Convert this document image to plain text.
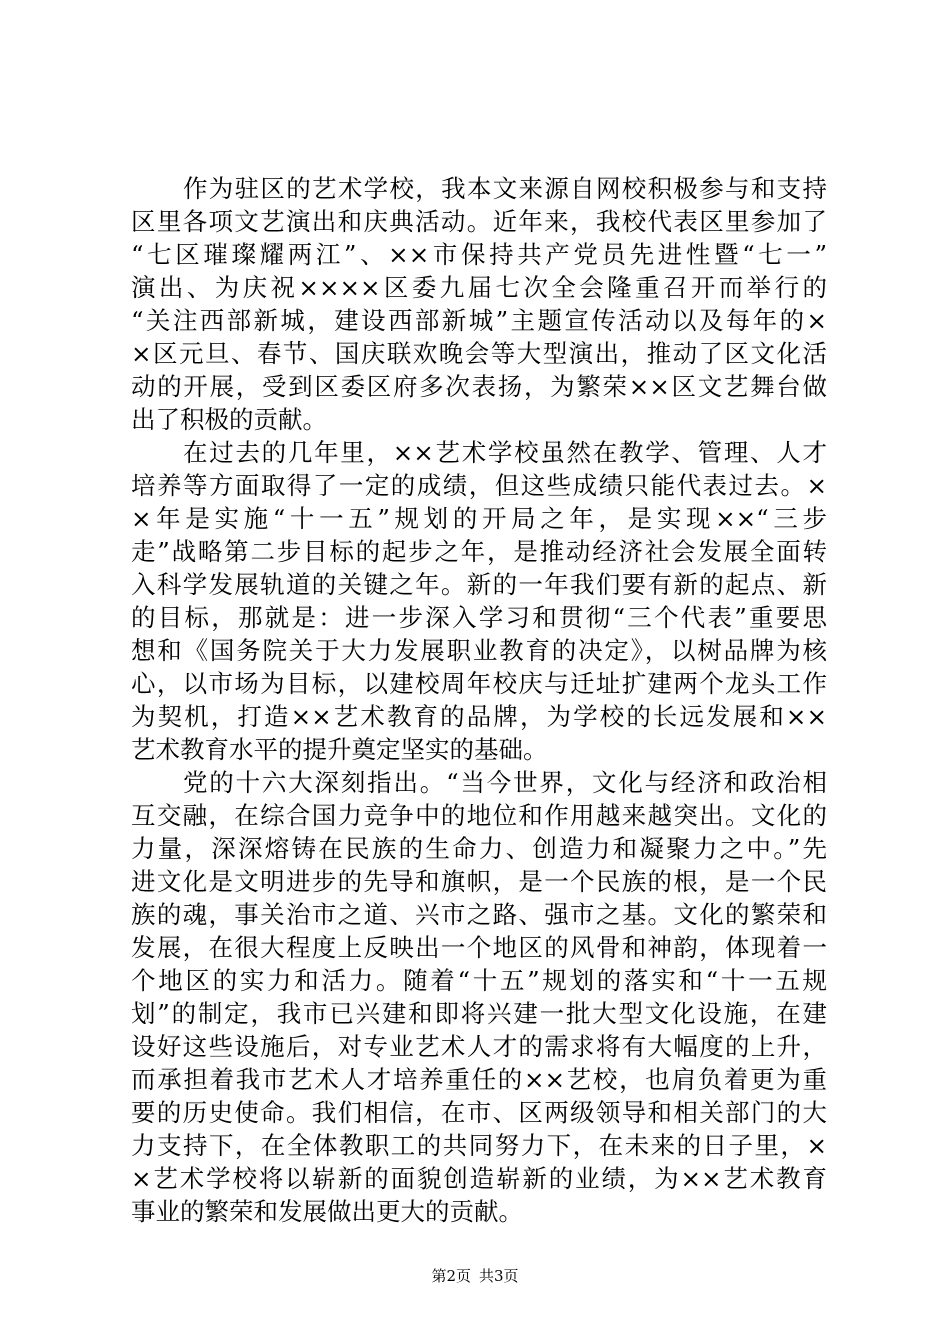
作为驻区的艺术学校，我本文来源自网校积极参与和支持
区里各项文艺演出和庆典活动。近年来，我校代表区里参加了
“七区璀璨耀两江”、××市保持共产党员先进性暨“七一”
演出、为庆祝××××区委九届七次全会隆重召开而举行的
“关注西部新城，建设西部新城”主题宣传活动以及每年的×
×区元旦、春节、国庆联欢晚会等大型演出，推动了区文化活
动的开展，受到区委区府多次表扬，为繁荣××区文艺舞台做
出了积极的贡献。
在过去的几年里，××艺术学校虽然在教学、管理、人才
培养等方面取得了一定的成绩，但这些成绩只能代表过去。×
×年是实施“十一五”规划的开局之年，是实现××“三步
走”战略第二步目标的起步之年，是推动经济社会发展全面转
入科学发展轨道的关键之年。新的一年我们要有新的起点、新
的目标，那就是：进一步深入学习和贯彻“三个代表”重要思
想和《国务院关于大力发展职业教育的决定》，以树品牌为核
心，以市场为目标，以建校周年校庆与迁址扩建两个龙头工作
为契机，打造××艺术教育的品牌，为学校的长远发展和××
艺术教育水平的提升奠定坚实的基础。
党的十六大深刻指出。“当今世界，文化与经济和政治相
互交融，在综合国力竞争中的地位和作用越来越突出。文化的
力量，深深熔铸在民族的生命力、创造力和凝聚力之中。”先
进文化是文明进步的先导和旗帜，是一个民族的根，是一个民
族的魂，事关治市之道、兴市之路、强市之基。文化的繁荣和
发展，在很大程度上反映出一个地区的风骨和神韵，体现着一
个地区的实力和活力。随着“十五”规划的落实和“十一五规
划”的制定，我市已兴建和即将兴建一批大型文化设施，在建
设好这些设施后，对专业艺术人才的需求将有大幅度的上升，
而承担着我市艺术人才培养重任的××艺校，也肩负着更为重
要的历史使命。我们相信，在市、区两级领导和相关部门的大
力支持下，在全体教职工的共同努力下，在未来的日子里，×
×艺术学校将以崭新的面貌创造崭新的业绩，为××艺术教育
事业的繁荣和发展做出更大的贡献。
第2页 共3页
